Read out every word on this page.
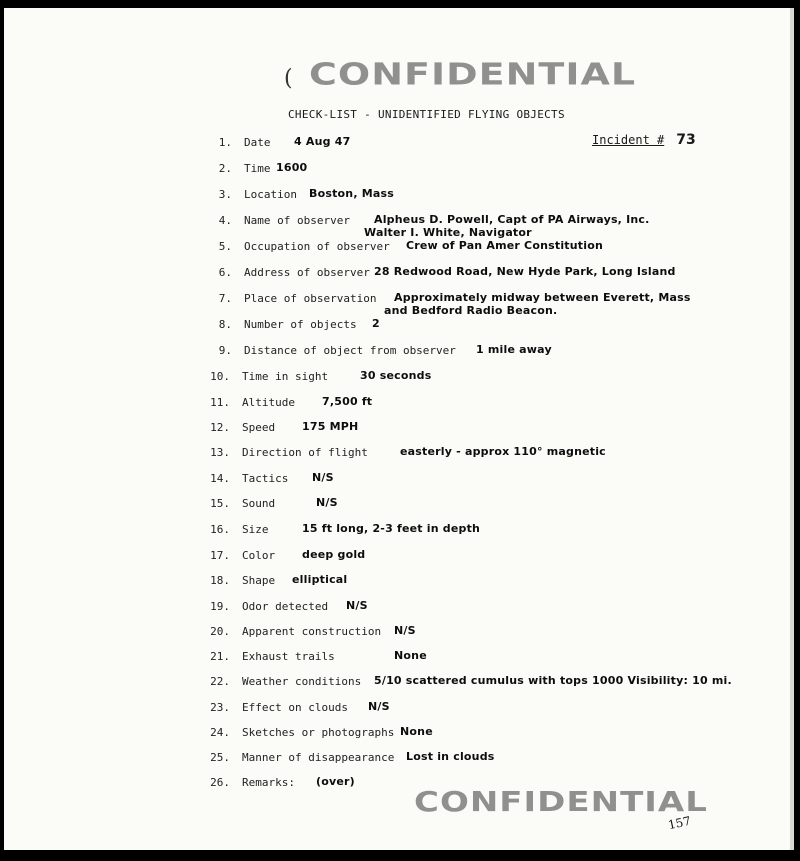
( CONFIDENTIAL
CHECK-LIST - UNIDENTIFIED FLYING OBJECTS
Incident # 73
1. Date 4 Aug 47
2. Time 1600
3. Location Boston, Mass
4. Name of observer Alpheus D. Powell, Capt of PA Airways, Inc.
Walter I. White, Navigator
5. Occupation of observer Crew of Pan Amer Constitution
6. Address of observer 28 Redwood Road, New Hyde Park, Long Island
7. Place of observation Approximately midway between Everett, Mass
and Bedford Radio Beacon.
8. Number of objects 2
9. Distance of object from observer 1 mile away
10. Time in sight	30 seconds
11. Altitude 7,500 ft
12. Speed 175 MPH
13. Direction of flight	easterly - approx 110° magnetic
14. Tactics N/S
15. Sound	N/S
16. Size	15 ft long, 2-3 feet in depth
17. Color deep gold
18. Shape elliptical
19. Odor detected N/S
20. Apparent construction N/S
21. Exhaust trails	None
22. Weather conditions 5/10 scattered cumulus with tops 1000 Visibility: 10 mi.
23. Effect on clouds N/S
24. Sketches or photographs None
25. Manner of disappearance Lost in clouds
26. Remarks: (over)
CONFIDENTIAL
157
